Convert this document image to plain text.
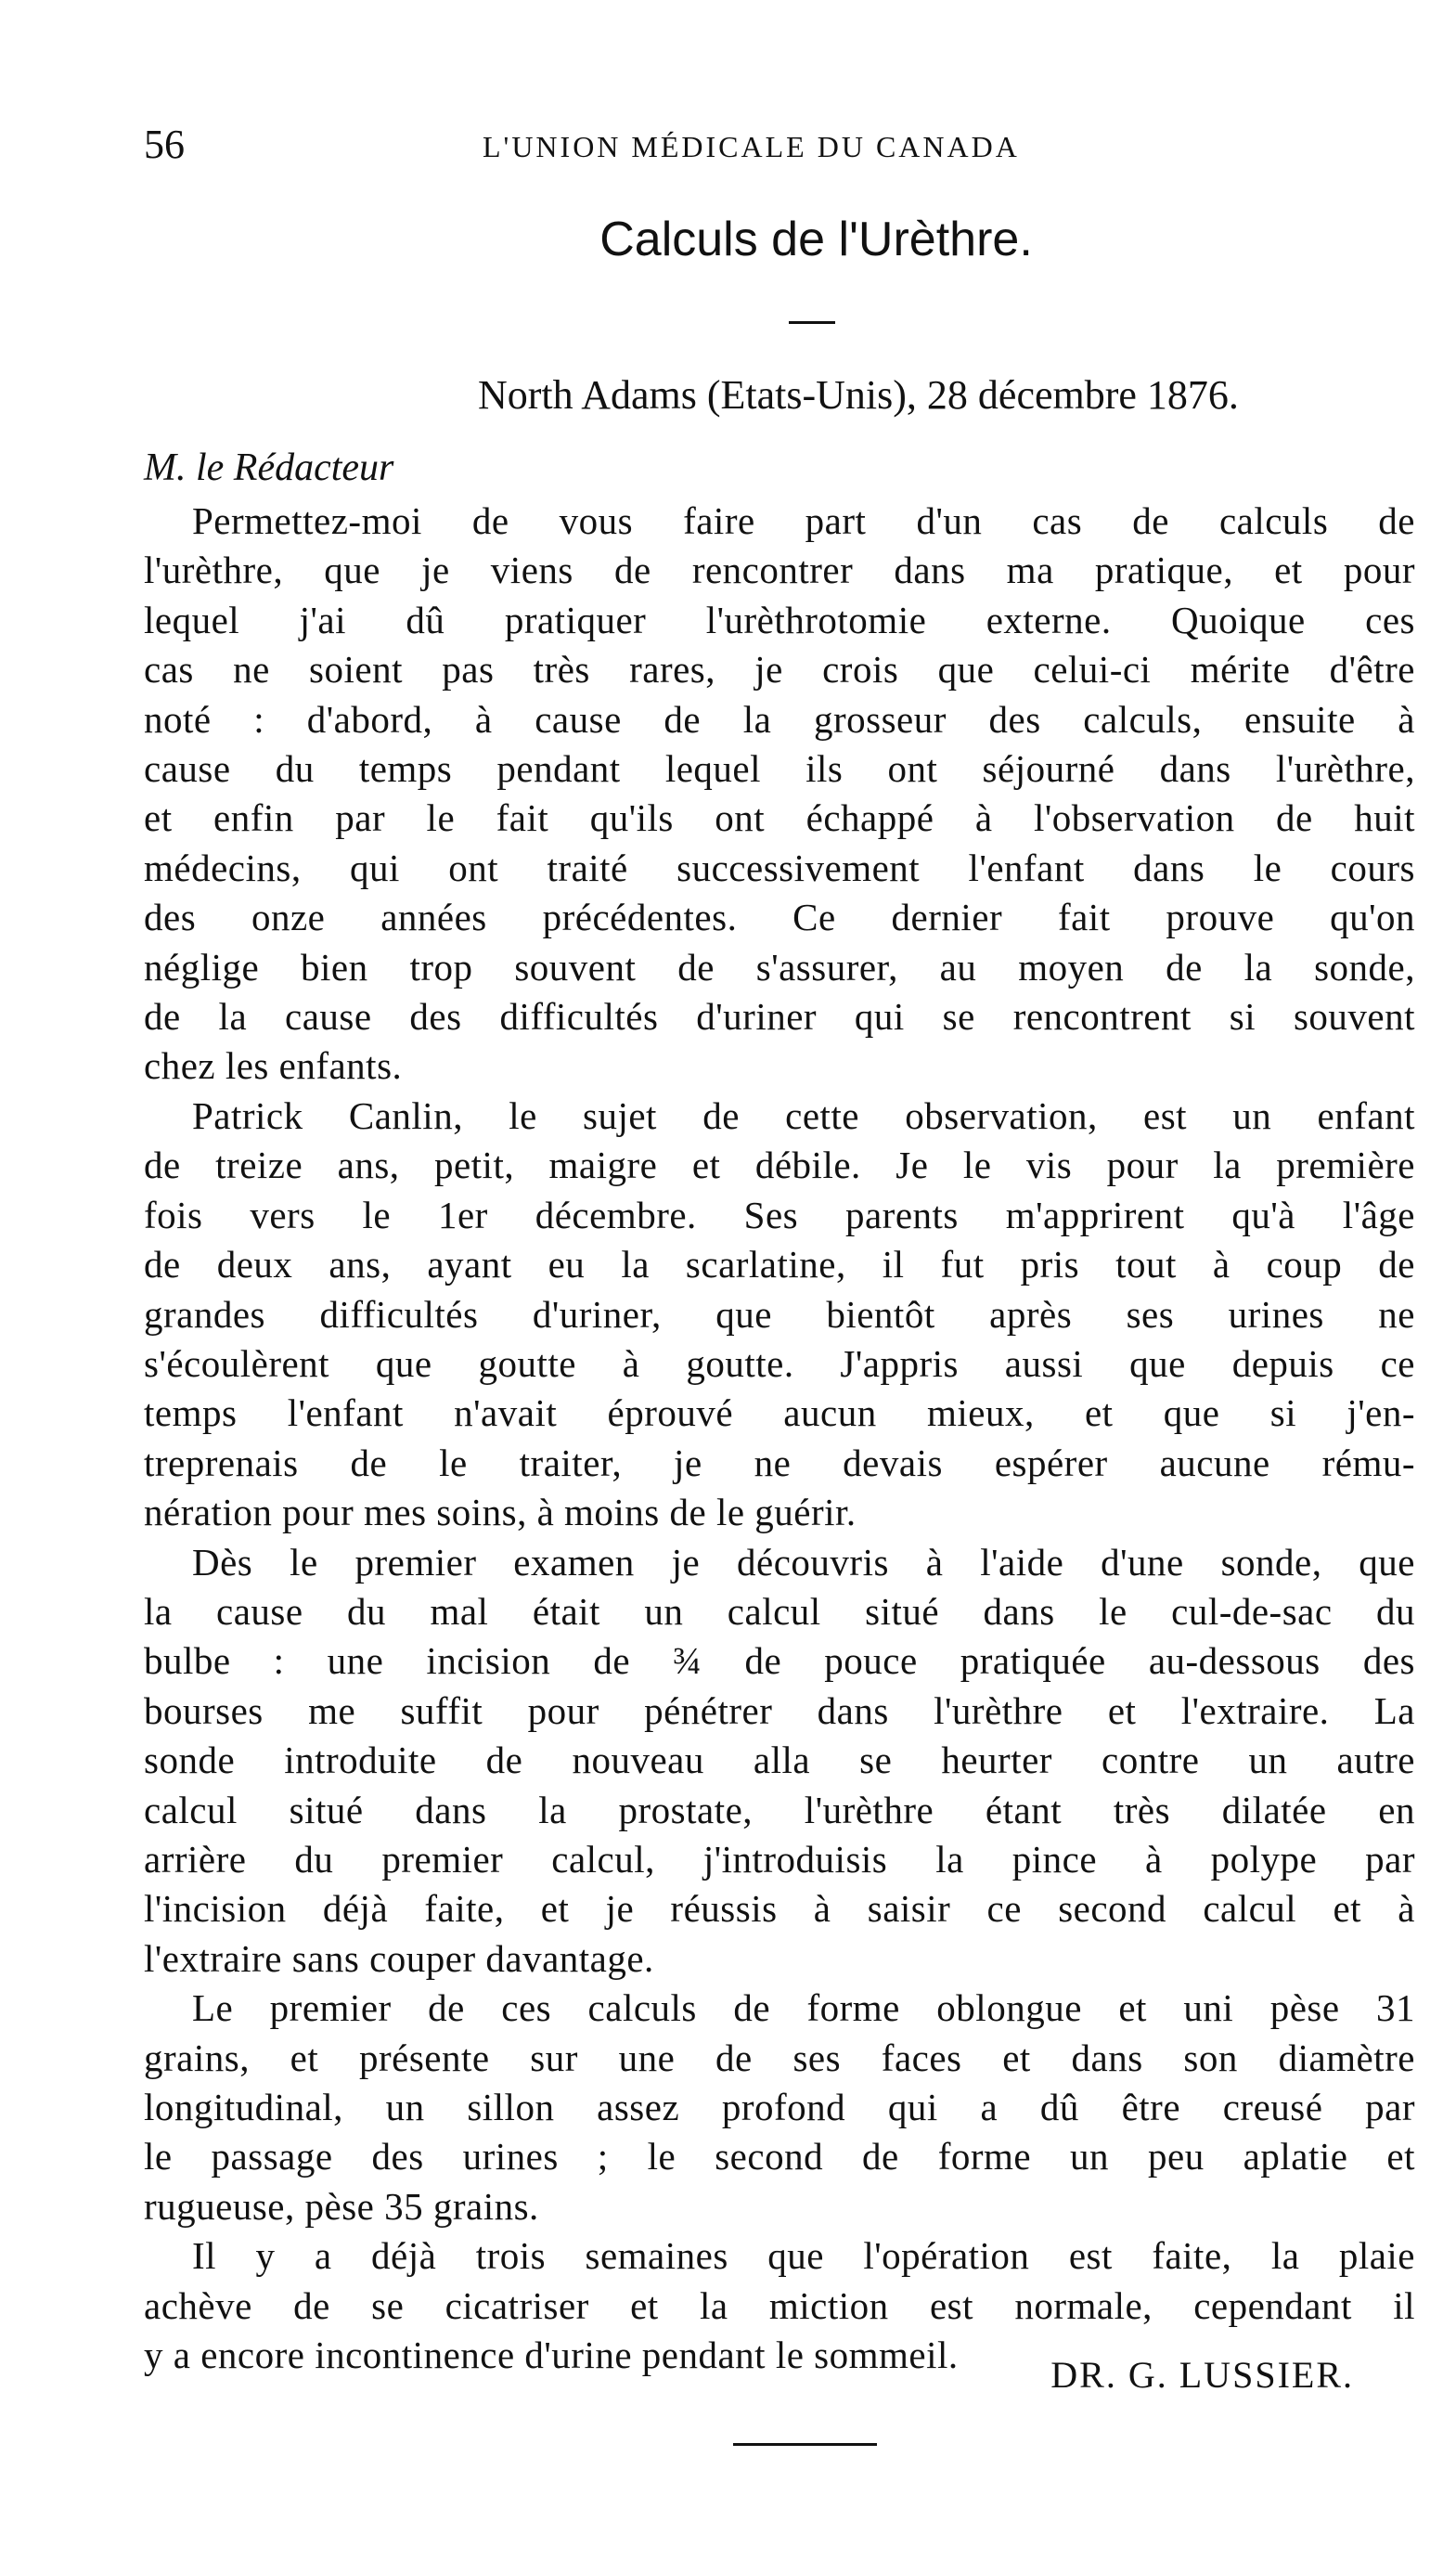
56	L'UNION MÉDICALE DU CANADA
Calculs de l'Urèthre.
North Adams (Etats-Unis), 28 décembre 1876.
M. le Rédacteur
Permettez-moi de vous faire part d'un cas de calculs de
l'urèthre, que je viens de rencontrer dans ma pratique, et pour
lequel j'ai dû pratiquer l'urèthrotomie externe. Quoique ces
cas ne soient pas très rares, je crois que celui-ci mérite d'être
noté : d'abord, à cause de la grosseur des calculs, ensuite à
cause du temps pendant lequel ils ont séjourné dans l'urèthre,
et enfin par le fait qu'ils ont échappé à l'observation de huit
médecins, qui ont traité successivement l'enfant dans le cours
des onze années précédentes. Ce dernier fait prouve qu'on
néglige bien trop souvent de s'assurer, au moyen de la sonde,
de la cause des difficultés d'uriner qui se rencontrent si souvent
chez les enfants.
Patrick Canlin, le sujet de cette observation, est un enfant
de treize ans, petit, maigre et débile. Je le vis pour la première
fois vers le 1er décembre. Ses parents m'apprirent qu'à l'âge
de deux ans, ayant eu la scarlatine, il fut pris tout à coup de
grandes difficultés d'uriner, que bientôt après ses urines ne
s'écoulèrent que goutte à goutte. J'appris aussi que depuis ce
temps l'enfant n'avait éprouvé aucun mieux, et que si j'en-
treprenais de le traiter, je ne devais espérer aucune rému-
nération pour mes soins, à moins de le guérir.
Dès le premier examen je découvris à l'aide d'une sonde, que
la cause du mal était un calcul situé dans le cul-de-sac du
bulbe : une incision de ¾ de pouce pratiquée au-dessous des
bourses me suffit pour pénétrer dans l'urèthre et l'extraire. La
sonde introduite de nouveau alla se heurter contre un autre
calcul situé dans la prostate, l'urèthre étant très dilatée en
arrière du premier calcul, j'introduisis la pince à polype par
l'incision déjà faite, et je réussis à saisir ce second calcul et à
l'extraire sans couper davantage.
Le premier de ces calculs de forme oblongue et uni pèse 31
grains, et présente sur une de ses faces et dans son diamètre
longitudinal, un sillon assez profond qui a dû être creusé par
le passage des urines ; le second de forme un peu aplatie et
rugueuse, pèse 35 grains.
Il y a déjà trois semaines que l'opération est faite, la plaie
achève de se cicatriser et la miction est normale, cependant il
y a encore incontinence d'urine pendant le sommeil.	DR. G. LUSSIER.
